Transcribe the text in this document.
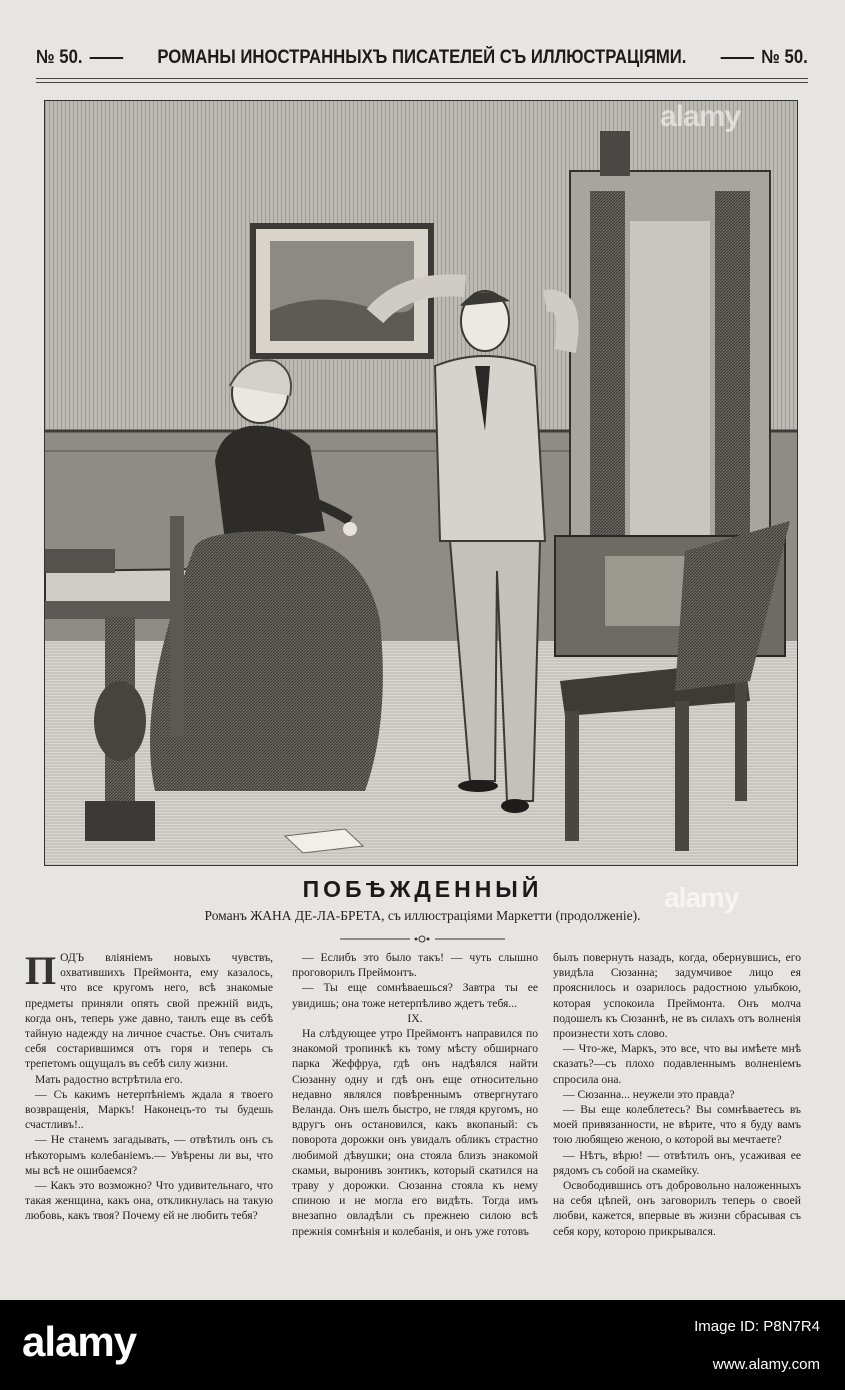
№ 50.	РОМАНЫ ИНОСТРАННЫХЪ ПИСАТЕЛЕЙ СЪ ИЛЛЮСТРАЦІЯМИ.	№ 50.
alamy
ПОБѢЖДЕННЫЙ
Романъ ЖАНА ДЕ-ЛА-БРЕТА, съ иллюстраціями Маркетти (продолженіе).
alamy
П ОДЪ вліяніемъ новыхъ чувствъ, охватившихъ Преймонта, ему казалось, что все кругомъ него, всѣ знакомые предметы приняли опять свой прежній видъ, когда онъ, теперь уже давно, таилъ еще въ себѣ тайную надежду на личное счастье. Онъ считалъ себя состарившимся отъ горя и теперь съ трепетомъ ощущалъ въ себѣ силу жизни.

Мать радостно встрѣтила его.

— Съ какимъ нетерпѣніемъ ждала я твоего возвращенія, Маркъ! Наконецъ-то ты будешь счастливъ!..

— Не станемъ загадывать, — отвѣтилъ онъ съ нѣкоторымъ колебаніемъ.— Увѣрены ли вы, что мы всѣ не ошибаемся?

— Какъ это возможно? Что удивительнаго, что такая женщина, какъ она, откликнулась на такую любовь, какъ твоя? Почему ей не любить тебя?

— Еслибъ это было такъ! — чуть слышно проговорилъ Преймонтъ.

— Ты еще сомнѣваешься? Завтра ты ее увидишь; она тоже нетерпѣливо ждетъ тебя...

IX.

На слѣдующее утро Преймонтъ направился по знакомой тропинкѣ къ тому мѣсту обширнаго парка Жеффруа, гдѣ онъ надѣялся найти Сюзанну одну и гдѣ онъ еще относительно недавно являлся повѣреннымъ отвергнутаго Веланда. Онъ шелъ быстро, не глядя кругомъ, но вдругъ онъ остановился, какъ вкопаный: съ поворота дорожки онъ увидалъ обликъ страстно любимой дѣвушки; она стояла близъ знакомой скамьи, выронивъ зонтикъ, который скатился на траву у дорожки. Сюзанна стояла къ нему спиною и не могла его видѣть. Тогда имъ внезапно овладѣли съ прежнею силою всѣ прежнія сомнѣнія и колебанія, и онъ уже готовъ

былъ повернуть назадъ, когда, обернувшись, его увидѣла Сюзанна; задумчивое лицо ея прояснилось и озарилось радостною улыбкою, которая успокоила Преймонта. Онъ молча подошелъ къ Сюзаннѣ, не въ силахъ отъ волненія произнести хоть слово.

— Что-же, Маркъ, это все, что вы имѣете мнѣ сказать?—съ плохо подавленнымъ волненіемъ спросила она.

— Сюзанна... неужели это правда?

— Вы еще колеблетесь? Вы сомнѣваетесь въ моей привязанности, не вѣрите, что я буду вамъ тою любящею женою, о которой вы мечтаете?

— Нѣтъ, вѣрю! — отвѣтилъ онъ, усаживая ее рядомъ съ собой на скамейку.

Освободившись отъ добровольно наложенныхъ на себя цѣпей, онъ заговорилъ теперь о своей любви, кажется, впервые въ жизни сбрасывая съ себя кору, которою прикрывался.

alamy	Image ID: P8N7R4
www.alamy.com
